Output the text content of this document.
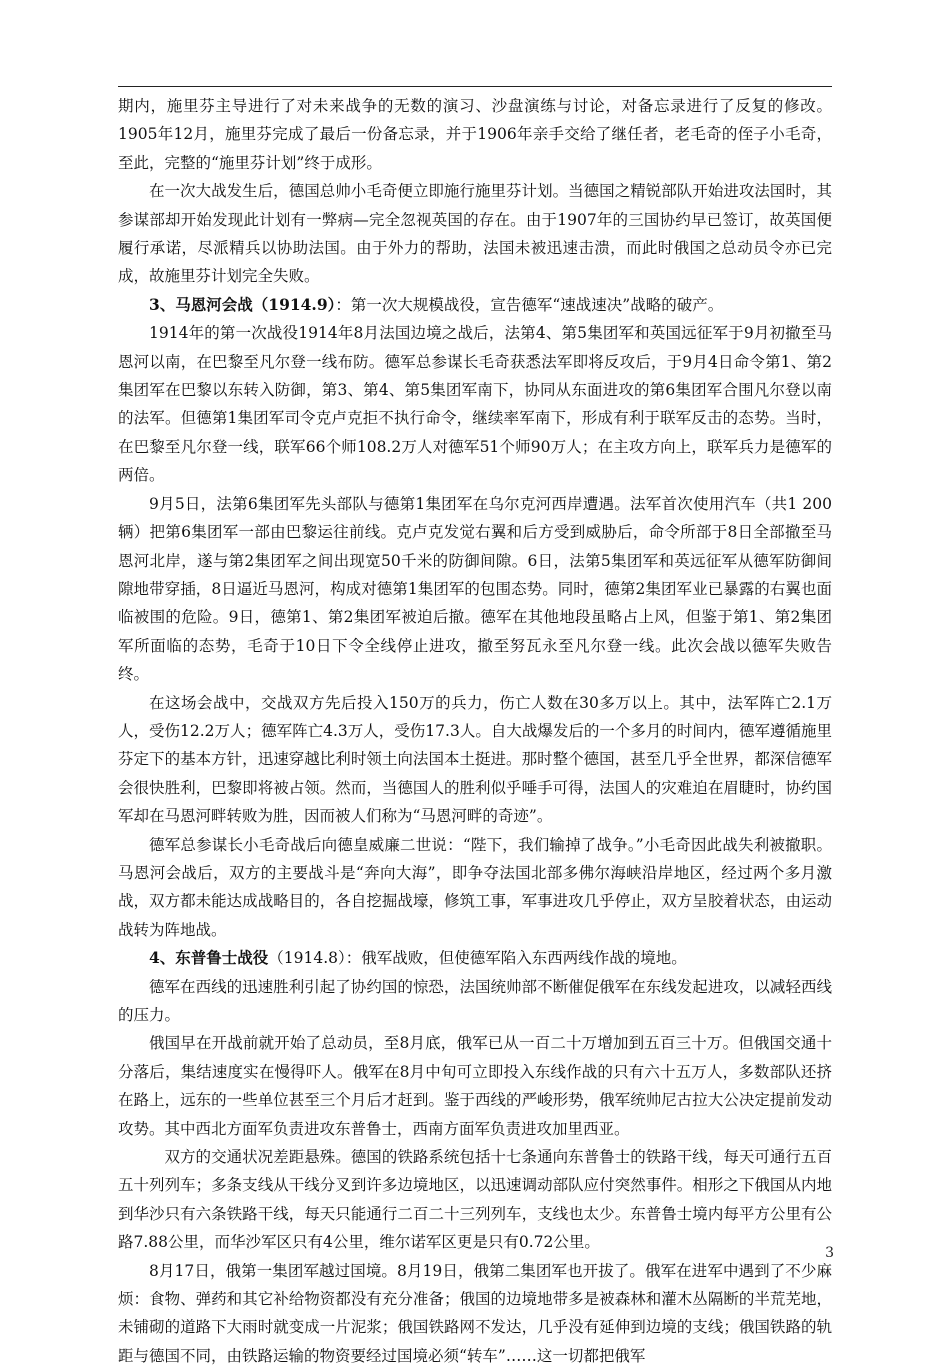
期内，施里芬主导进行了对未来战争的无数的演习、沙盘演练与讨论，对备忘录进行了反复的修改。1905年12月，施里芬完成了最后一份备忘录，并于1906年亲手交给了继任者，老毛奇的侄子小毛奇，至此，完整的“施里芬计划”终于成形。

在一次大战发生后，德国总帅小毛奇便立即施行施里芬计划。当德国之精锐部队开始进攻法国时，其参谋部却开始发现此计划有一弊病—完全忽视英国的存在。由于1907年的三国协约早已签订，故英国便履行承诺，尽派精兵以协助法国。由于外力的帮助，法国未被迅速击溃，而此时俄国之总动员令亦已完成，故施里芬计划完全失败。

3、马恩河会战（1914.9）：第一次大规模战役，宣告德军“速战速决”战略的破产。

1914年的第一次战役1914年8月法国边境之战后，法第4、第5集团军和英国远征军于9月初撤至马恩河以南，在巴黎至凡尔登一线布防。德军总参谋长毛奇获悉法军即将反攻后，于9月4日命令第1、第2集团军在巴黎以东转入防御，第3、第4、第5集团军南下，协同从东面进攻的第6集团军合围凡尔登以南的法军。但德第1集团军司令克卢克拒不执行命令，继续率军南下，形成有利于联军反击的态势。当时，在巴黎至凡尔登一线，联军66个师108.2万人对德军51个师90万人；在主攻方向上，联军兵力是德军的两倍。

9月5日，法第6集团军先头部队与德第1集团军在乌尔克河西岸遭遇。法军首次使用汽车（共1 200辆）把第6集团军一部由巴黎运往前线。克卢克发觉右翼和后方受到威胁后，命令所部于8日全部撤至马恩河北岸，遂与第2集团军之间出现宽50千米的防御间隙。6日，法第5集团军和英远征军从德军防御间隙地带穿插，8日逼近马恩河，构成对德第1集团军的包围态势。同时，德第2集团军业已暴露的右翼也面临被围的危险。9日，德第1、第2集团军被迫后撤。德军在其他地段虽略占上风，但鉴于第1、第2集团军所面临的态势，毛奇于10日下令全线停止进攻，撤至努瓦永至凡尔登一线。此次会战以德军失败告终。

在这场会战中，交战双方先后投入150万的兵力，伤亡人数在30多万以上。其中，法军阵亡2.1万人，受伤12.2万人；德军阵亡4.3万人，受伤17.3人。自大战爆发后的一个多月的时间内，德军遵循施里芬定下的基本方针，迅速穿越比利时领土向法国本土挺进。那时整个德国，甚至几乎全世界，都深信德军会很快胜利，巴黎即将被占领。然而，当德国人的胜利似乎唾手可得，法国人的灾难迫在眉睫时，协约国军却在马恩河畔转败为胜，因而被人们称为“马恩河畔的奇迹”。

德军总参谋长小毛奇战后向德皇威廉二世说：“陛下，我们输掉了战争。”小毛奇因此战失利被撤职。马恩河会战后，双方的主要战斗是“奔向大海”，即争夺法国北部多佛尔海峡沿岸地区，经过两个多月激战，双方都未能达成战略目的，各自挖掘战壕，修筑工事，军事进攻几乎停止，双方呈胶着状态，由运动战转为阵地战。

4、东普鲁士战役（1914.8）：俄军战败，但使德军陷入东西两线作战的境地。

德军在西线的迅速胜利引起了协约国的惊恐，法国统帅部不断催促俄军在东线发起进攻，以减轻西线的压力。

俄国早在开战前就开始了总动员，至8月底，俄军已从一百二十万增加到五百三十万。但俄国交通十分落后，集结速度实在慢得吓人。俄军在8月中旬可立即投入东线作战的只有六十五万人，多数部队还挤在路上，远东的一些单位甚至三个月后才赶到。鉴于西线的严峻形势，俄军统帅尼古拉大公决定提前发动攻势。其中西北方面军负责进攻东普鲁士，西南方面军负责进攻加里西亚。

双方的交通状况差距悬殊。德国的铁路系统包括十七条通向东普鲁士的铁路干线，每天可通行五百五十列列车；多条支线从干线分叉到许多边境地区，以迅速调动部队应付突然事件。相形之下俄国从内地到华沙只有六条铁路干线，每天只能通行二百二十三列列车，支线也太少。东普鲁士境内每平方公里有公路7.88公里，而华沙军区只有4公里，维尔诺军区更是只有0.72公里。

8月17日，俄第一集团军越过国境。8月19日，俄第二集团军也开拔了。俄军在进军中遇到了不少麻烦：食物、弹药和其它补给物资都没有充分准备；俄国的边境地带多是被森林和灌木丛隔断的半荒芜地，未铺砌的道路下大雨时就变成一片泥浆；俄国铁路网不发达，几乎没有延伸到边境的支线；俄国铁路的轨距与德国不同，由铁路运输的物资要经过国境必须“转车”……这一切都把俄军

3
